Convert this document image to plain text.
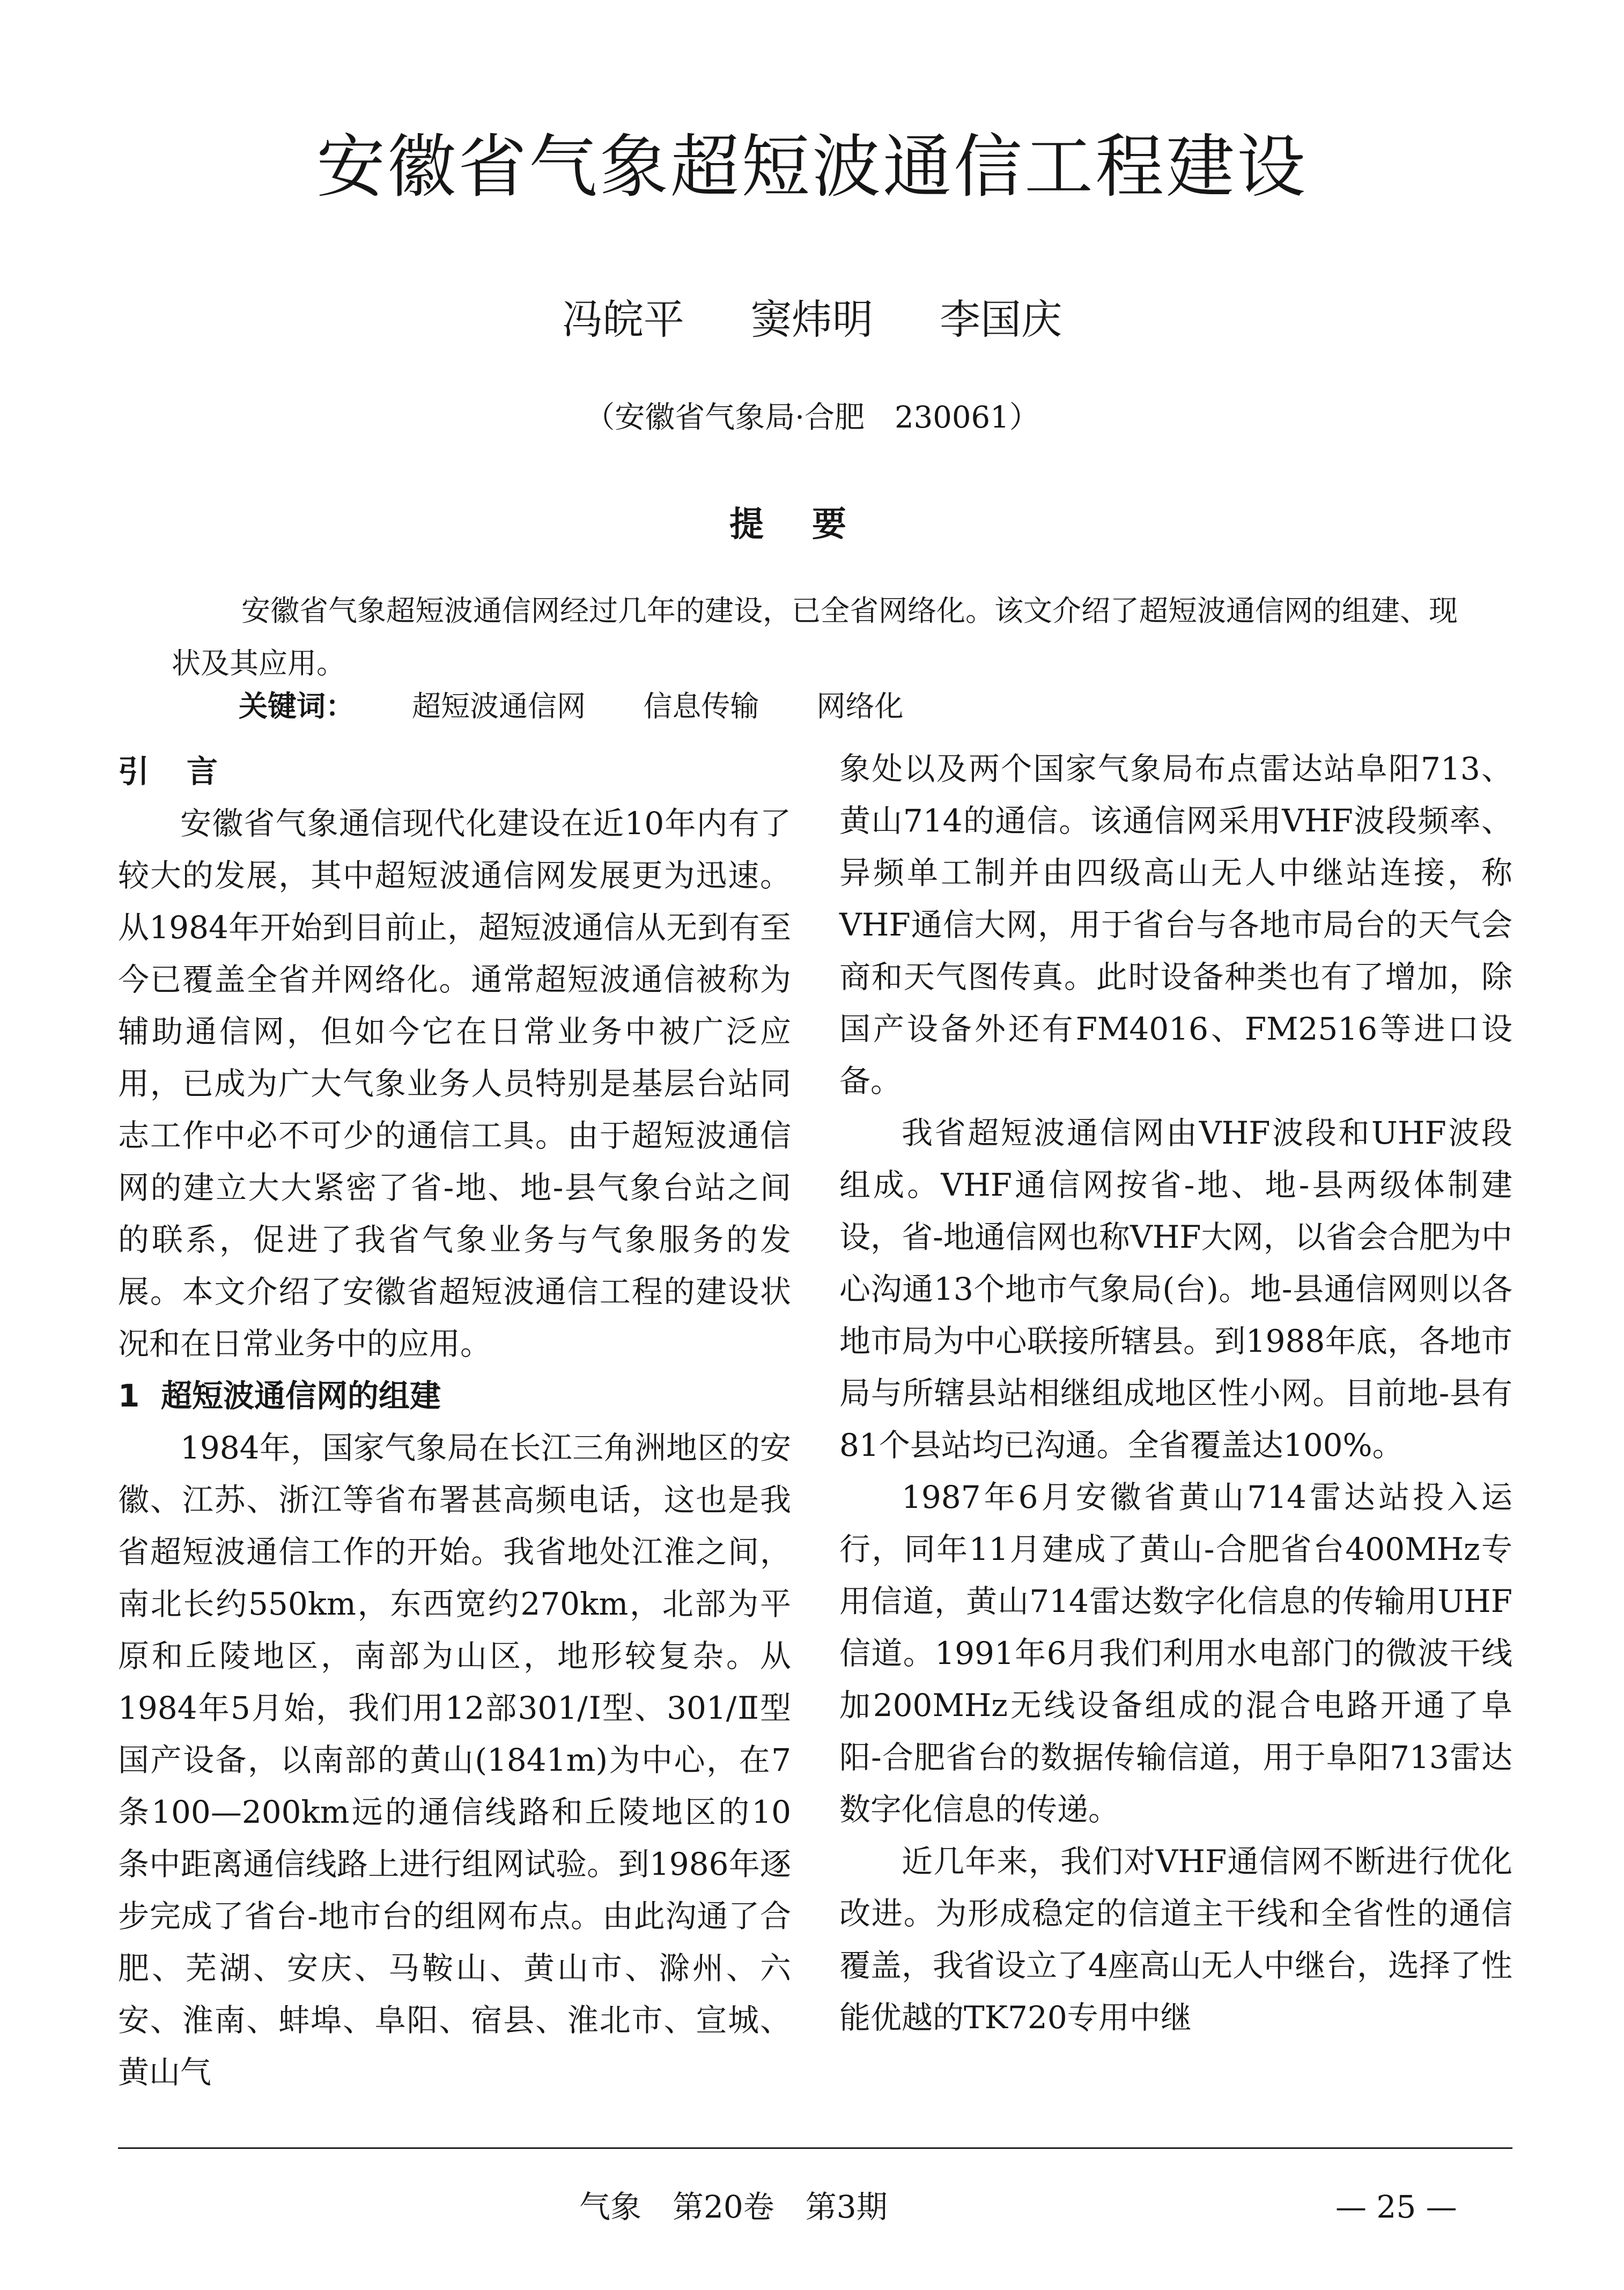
安徽省气象超短波通信工程建设
冯皖平 窦炜明 李国庆
（安徽省气象局·合肥　230061）
提要

安徽省气象超短波通信网经过几年的建设，已全省网络化。该文介绍了超短波通信网的组建、现状及其应用。

关键词： 超短波通信网 信息传输 网络化
引言

安徽省气象通信现代化建设在近10年内有了较大的发展，其中超短波通信网发展更为迅速。从1984年开始到目前止，超短波通信从无到有至今已覆盖全省并网络化。通常超短波通信被称为辅助通信网，但如今它在日常业务中被广泛应用，已成为广大气象业务人员特别是基层台站同志工作中必不可少的通信工具。由于超短波通信网的建立大大紧密了省-地、地-县气象台站之间的联系，促进了我省气象业务与气象服务的发展。本文介绍了安徽省超短波通信工程的建设状况和在日常业务中的应用。

1 超短波通信网的组建

1984年，国家气象局在长江三角洲地区的安徽、江苏、浙江等省布署甚高频电话，这也是我省超短波通信工作的开始。我省地处江淮之间，南北长约550km，东西宽约270km，北部为平原和丘陵地区，南部为山区，地形较复杂。从1984年5月始，我们用12部301/Ⅰ型、301/Ⅱ型国产设备，以南部的黄山(1841m)为中心，在7条100—200km远的通信线路和丘陵地区的10条中距离通信线路上进行组网试验。到1986年逐步完成了省台-地市台的组网布点。由此沟通了合肥、芜湖、安庆、马鞍山、黄山市、滁州、六安、淮南、蚌埠、阜阳、宿县、淮北市、宣城、黄山气

象处以及两个国家气象局布点雷达站阜阳713、黄山714的通信。该通信网采用VHF波段频率、异频单工制并由四级高山无人中继站连接，称VHF通信大网，用于省台与各地市局台的天气会商和天气图传真。此时设备种类也有了增加，除国产设备外还有FM4016、FM2516等进口设备。

我省超短波通信网由VHF波段和UHF波段组成。VHF通信网按省-地、地-县两级体制建设，省-地通信网也称VHF大网，以省会合肥为中心沟通13个地市气象局(台)。地-县通信网则以各地市局为中心联接所辖县。到1988年底，各地市局与所辖县站相继组成地区性小网。目前地-县有81个县站均已沟通。全省覆盖达100%。

1987年6月安徽省黄山714雷达站投入运行，同年11月建成了黄山-合肥省台400MHz专用信道，黄山714雷达数字化信息的传输用UHF信道。1991年6月我们利用水电部门的微波干线加200MHz无线设备组成的混合电路开通了阜阳-合肥省台的数据传输信道，用于阜阳713雷达数字化信息的传递。

近几年来，我们对VHF通信网不断进行优化改进。为形成稳定的信道主干线和全省性的通信覆盖，我省设立了4座高山无人中继台，选择了性能优越的TK720专用中继

气象　第20卷　第3期	— 25 —
